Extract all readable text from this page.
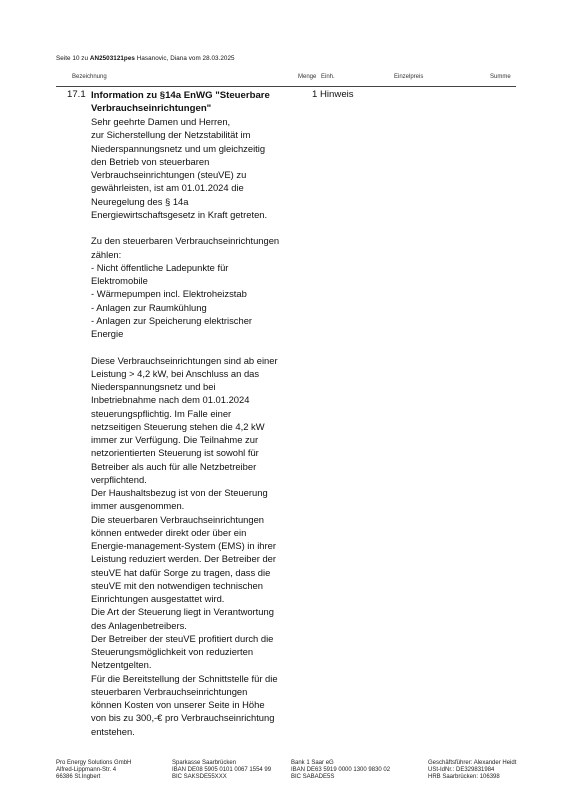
Seite 10 zu AN2503121pes Hasanovic, Diana vom 28.03.2025
Bezeichnung	Menge Einh.	Einzelpreis	Summe
17.1 Information zu §14a EnWG "Steuerbare
Verbrauchseinrichtungen"
1 Hinweis
Sehr geehrte Damen und Herren,
zur Sicherstellung der Netzstabilität im
Niederspannungsnetz und um gleichzeitig
den Betrieb von steuerbaren
Verbrauchseinrichtungen (steuVE) zu
gewährleisten, ist am 01.01.2024 die
Neuregelung des § 14a
Energiewirtschaftsgesetz in Kraft getreten.
Zu den steuerbaren Verbrauchseinrichtungen
zählen:
- Nicht öffentliche Ladepunkte für
Elektromobile
- Wärmepumpen incl. Elektroheizstab
- Anlagen zur Raumkühlung
- Anlagen zur Speicherung elektrischer
Energie
Diese Verbrauchseinrichtungen sind ab einer
Leistung > 4,2 kW, bei Anschluss an das
Niederspannungsnetz und bei
Inbetriebnahme nach dem 01.01.2024
steuerungspflichtig. Im Falle einer
netzseitigen Steuerung stehen die 4,2 kW
immer zur Verfügung. Die Teilnahme zur
netzorientierten Steuerung ist sowohl für
Betreiber als auch für alle Netzbetreiber
verpflichtend.
Der Haushaltsbezug ist von der Steuerung
immer ausgenommen.
Die steuerbaren Verbrauchseinrichtungen
können entweder direkt oder über ein
Energie-management-System (EMS) in ihrer
Leistung reduziert werden. Der Betreiber der
steuVE hat dafür Sorge zu tragen, dass die
steuVE mit den notwendigen technischen
Einrichtungen ausgestattet wird.
Die Art der Steuerung liegt in Verantwortung
des Anlagenbetreibers.
Der Betreiber der steuVE profitiert durch die
Steuerungsmöglichkeit von reduzierten
Netzentgelten.
Für die Bereitstellung der Schnittstelle für die
steuerbaren Verbrauchseinrichtungen
können Kosten von unserer Seite in Höhe
von bis zu 300,-€ pro Verbrauchseinrichtung
entstehen.
Pro Energy Solutions GmbH
Alfred-Lippmann-Str. 4
66386 St.Ingbert
Sparkasse Saarbrücken
IBAN DE08 5905 0101 0067 1554 99
BIC SAKSDE55XXX
Bank 1 Saar eG
IBAN DE63 5919 0000 1300 9830 02
BIC SABADE5S
Geschäftsführer: Alexander Heidt
USt-IdNr.: DE329831984
HRB Saarbrücken: 106398
